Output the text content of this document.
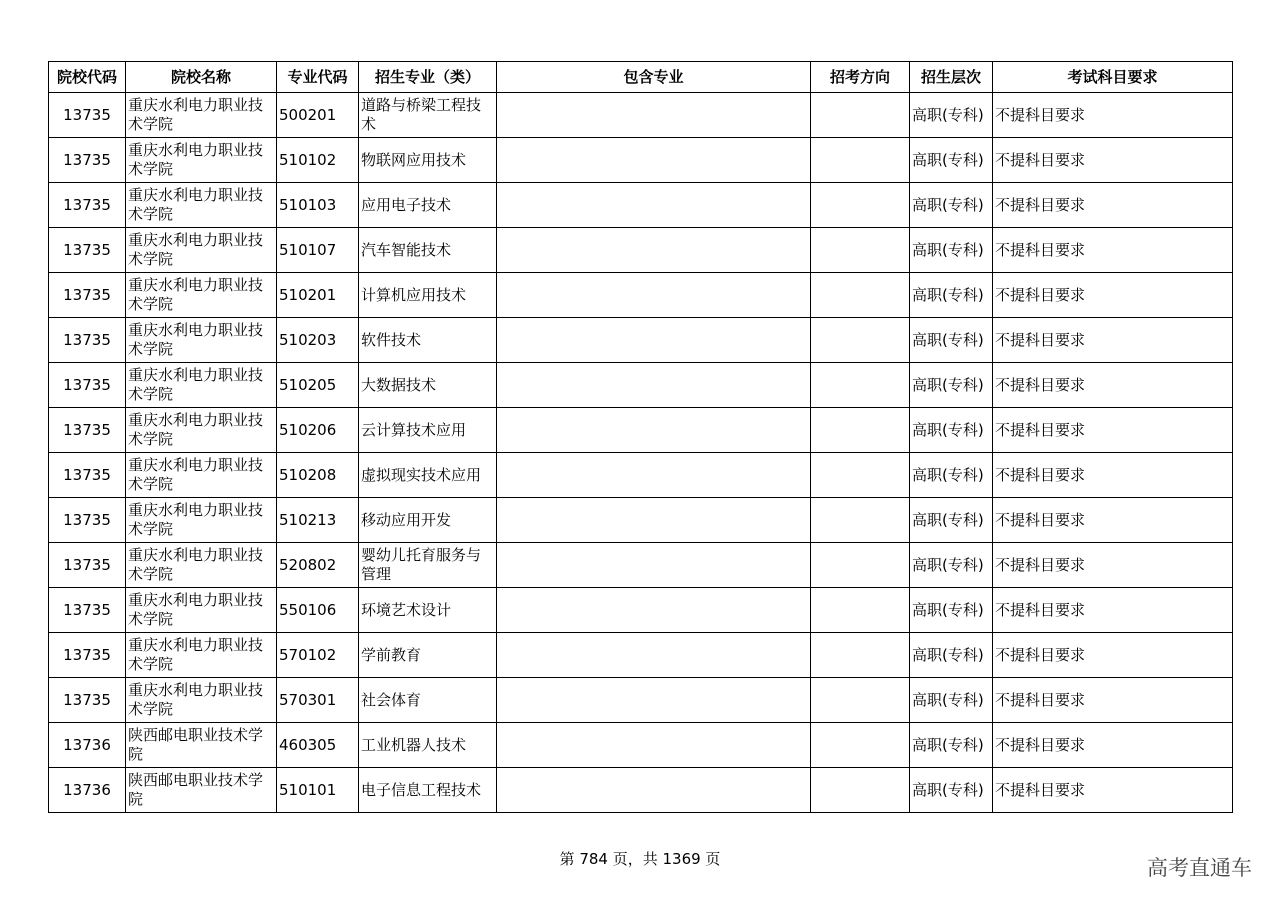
院校代码	院校名称	专业代码	招生专业（类）	包含专业	招考方向	招生层次	考试科目要求
13735	重庆水利电力职业技术学院	500201	道路与桥梁工程技术			高职(专科)	不提科目要求
13735	重庆水利电力职业技术学院	510102	物联网应用技术			高职(专科)	不提科目要求
13735	重庆水利电力职业技术学院	510103	应用电子技术			高职(专科)	不提科目要求
13735	重庆水利电力职业技术学院	510107	汽车智能技术			高职(专科)	不提科目要求
13735	重庆水利电力职业技术学院	510201	计算机应用技术			高职(专科)	不提科目要求
13735	重庆水利电力职业技术学院	510203	软件技术			高职(专科)	不提科目要求
13735	重庆水利电力职业技术学院	510205	大数据技术			高职(专科)	不提科目要求
13735	重庆水利电力职业技术学院	510206	云计算技术应用			高职(专科)	不提科目要求
13735	重庆水利电力职业技术学院	510208	虚拟现实技术应用			高职(专科)	不提科目要求
13735	重庆水利电力职业技术学院	510213	移动应用开发			高职(专科)	不提科目要求
13735	重庆水利电力职业技术学院	520802	婴幼儿托育服务与管理			高职(专科)	不提科目要求
13735	重庆水利电力职业技术学院	550106	环境艺术设计			高职(专科)	不提科目要求
13735	重庆水利电力职业技术学院	570102	学前教育			高职(专科)	不提科目要求
13735	重庆水利电力职业技术学院	570301	社会体育			高职(专科)	不提科目要求
13736	陕西邮电职业技术学院	460305	工业机器人技术			高职(专科)	不提科目要求
13736	陕西邮电职业技术学院	510101	电子信息工程技术			高职(专科)	不提科目要求
第 784 页，共 1369 页	高考直通车
